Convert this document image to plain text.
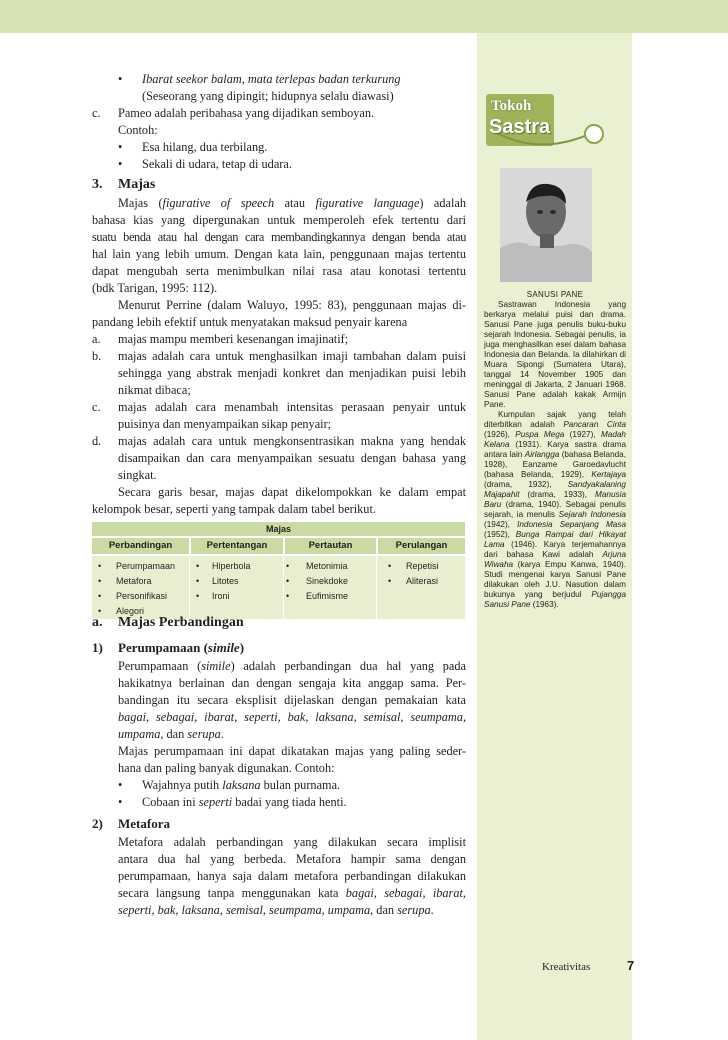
• Ibarat seekor balam, mata terlepas badan terkurung
(Seseorang yang dipingit; hidupnya selalu diawasi)
c. Pameo adalah peribahasa yang dijadikan semboyan.
Contoh:
• Esa hilang, dua terbilang.
• Sekali di udara, tetap di udara.
3. Majas
Majas (figurative of speech atau figurative language) adalah
bahasa kias yang dipergunakan untuk memperoleh efek tertentu dari
suatu benda atau hal dengan cara membandingkannya dengan benda atau
hal lain yang lebih umum. Dengan kata lain, penggunaan majas tertentu
dapat mengubah serta menimbulkan nilai rasa atau konotasi tertentu
(bdk Tarigan, 1995: 112).
Menurut Perrine (dalam Waluyo, 1995: 83), penggunaan majas di-
pandang lebih efektif untuk menyatakan maksud penyair karena
a. majas mampu memberi kesenangan imajinatif;
b. majas adalah cara untuk menghasilkan imaji tambahan dalam puisi
sehingga yang abstrak menjadi konkret dan menjadikan puisi lebih
nikmat dibaca;
c. majas adalah cara menambah intensitas perasaan penyair untuk
puisinya dan menyampaikan sikap penyair;
d. majas adalah cara untuk mengkonsentrasikan makna yang hendak
disampaikan dan cara menyampaikan sesuatu dengan bahasa yang
singkat.
Secara garis besar, majas dapat dikelompokkan ke dalam empat
kelompok besar, seperti yang tampak dalam tabel berikut.
Majas
Perbandingan	Pertentangan	Pertautan	Perulangan
• Perumpamaan • Hiperbola	• Metonimia	• Repetisi
• Metafora	• Litotes	• Sinekdoke	• Aliterasi
• Personifikasi	• Ironi	• Eufimisme
• Alegori
a. Majas Perbandingan
1) Perumpamaan (simile)
Perumpamaan (simile) adalah perbandingan dua hal yang pada
hakikatnya berlainan dan dengan sengaja kita anggap sama. Per-
bandingan itu secara eksplisit dijelaskan dengan pemakaian kata
bagai, sebagai, ibarat, seperti, bak, laksana, semisal, seumpama,
umpama, dan serupa.
Majas perumpamaan ini dapat dikatakan majas yang paling seder-
hana dan paling banyak digunakan. Contoh:
• Wajahnya putih laksana bulan purnama.
• Cobaan ini seperti badai yang tiada henti.
2) Metafora
Metafora adalah perbandingan yang dilakukan secara implisit
antara dua hal yang berbeda. Metafora hampir sama dengan
perumpamaan, hanya saja dalam metafora perbandingan dilakukan
secara langsung tanpa menggunakan kata bagai, sebagai, ibarat,
seperti, bak, laksana, semisal, seumpama, umpama, dan serupa.
Tokoh
Sastra
SANUSI PANE

Sastrawan Indonesia yang berkarya melalui puisi dan drama. Sanusi Pane juga penulis buku-buku sejarah Indonesia. Sebagai penulis, ia juga menghasilkan esei dalam bahasa Indonesia dan Belanda. Ia dilahirkan di Muara Sipongi (Sumatera Utara), tanggal 14 November 1905 dan meninggal di Jakarta, 2 Januari 1968. Sanusi Pane adalah kakak Armijn Pane.

Kumpulan sajak yang telah diterbitkan adalah Pancaran Cinta (1926), Puspa Mega (1927), Madah Kelana (1931). Karya sastra drama antara lain Airlangga (bahasa Belanda, 1928), Eanzame Garoedavlucht (bahasa Belanda, 1929), Kertajaya (drama, 1932), Sandyakalaning Majapahit (drama, 1933), Manusia Baru (drama, 1940). Sebagai penulis sejarah, ia menulis Sejarah Indonesia (1942), Indonesia Sepanjang Masa (1952), Bunga Rampai dari Hikayat Lama (1946). Karya terjemahannya dari bahasa Kawi adalah Arjuna Wiwaha (karya Empu Kanwa, 1940). Studi mengenai karya Sanusi Pane dilakukan oleh J.U. Nasution dalam bukunya yang berjudul Pujangga Sanusi Pane (1963).

Kreativitas	7
